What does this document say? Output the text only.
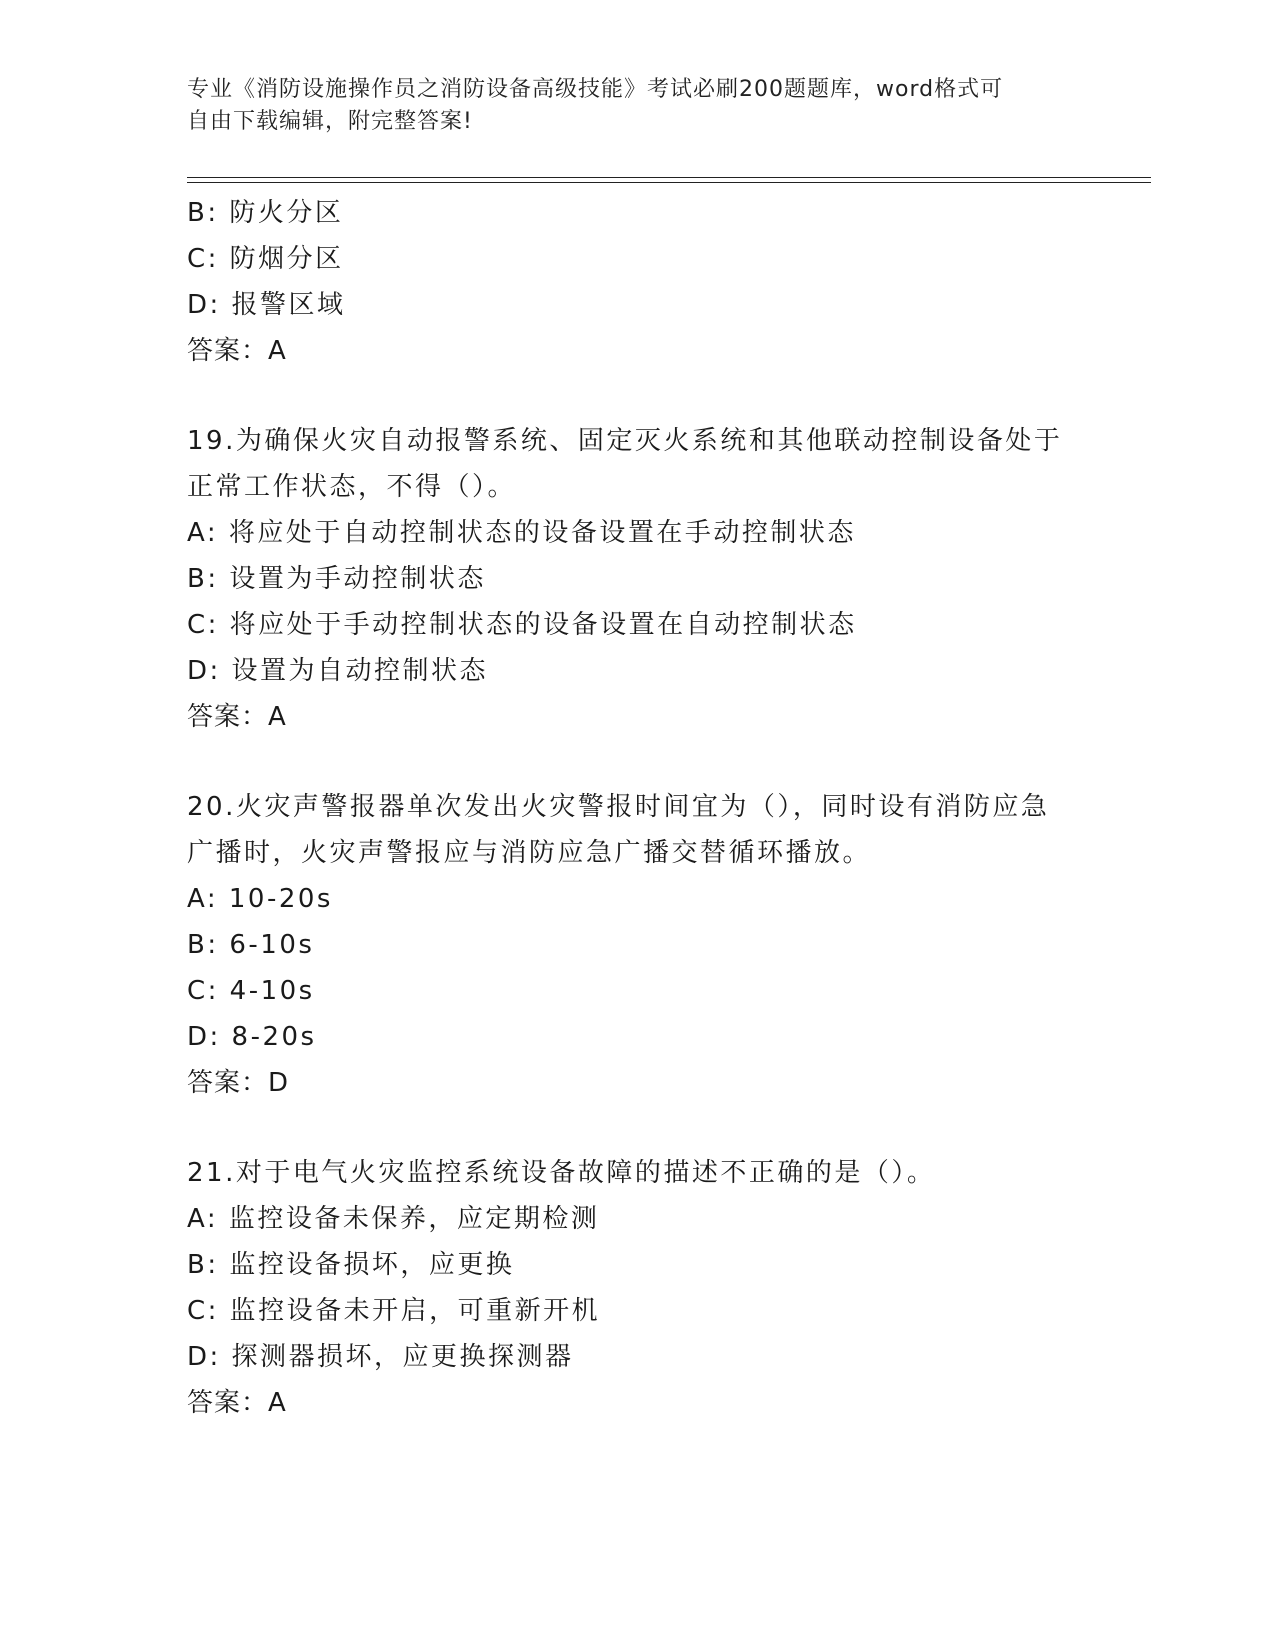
专业《消防设施操作员之消防设备高级技能》考试必刷200题题库，word格式可
自由下载编辑，附完整答案!
B: 防火分区
C: 防烟分区
D: 报警区域
答案：A
19.为确保火灾自动报警系统、固定灭火系统和其他联动控制设备处于
正常工作状态，不得（）。
A: 将应处于自动控制状态的设备设置在手动控制状态
B: 设置为手动控制状态
C: 将应处于手动控制状态的设备设置在自动控制状态
D: 设置为自动控制状态
答案：A
20.火灾声警报器单次发出火灾警报时间宜为（），同时设有消防应急
广播时，火灾声警报应与消防应急广播交替循环播放。
A: 10-20s
B: 6-10s
C: 4-10s
D: 8-20s
答案：D
21.对于电气火灾监控系统设备故障的描述不正确的是（）。
A: 监控设备未保养，应定期检测
B: 监控设备损坏，应更换
C: 监控设备未开启，可重新开机
D: 探测器损坏，应更换探测器
答案：A
